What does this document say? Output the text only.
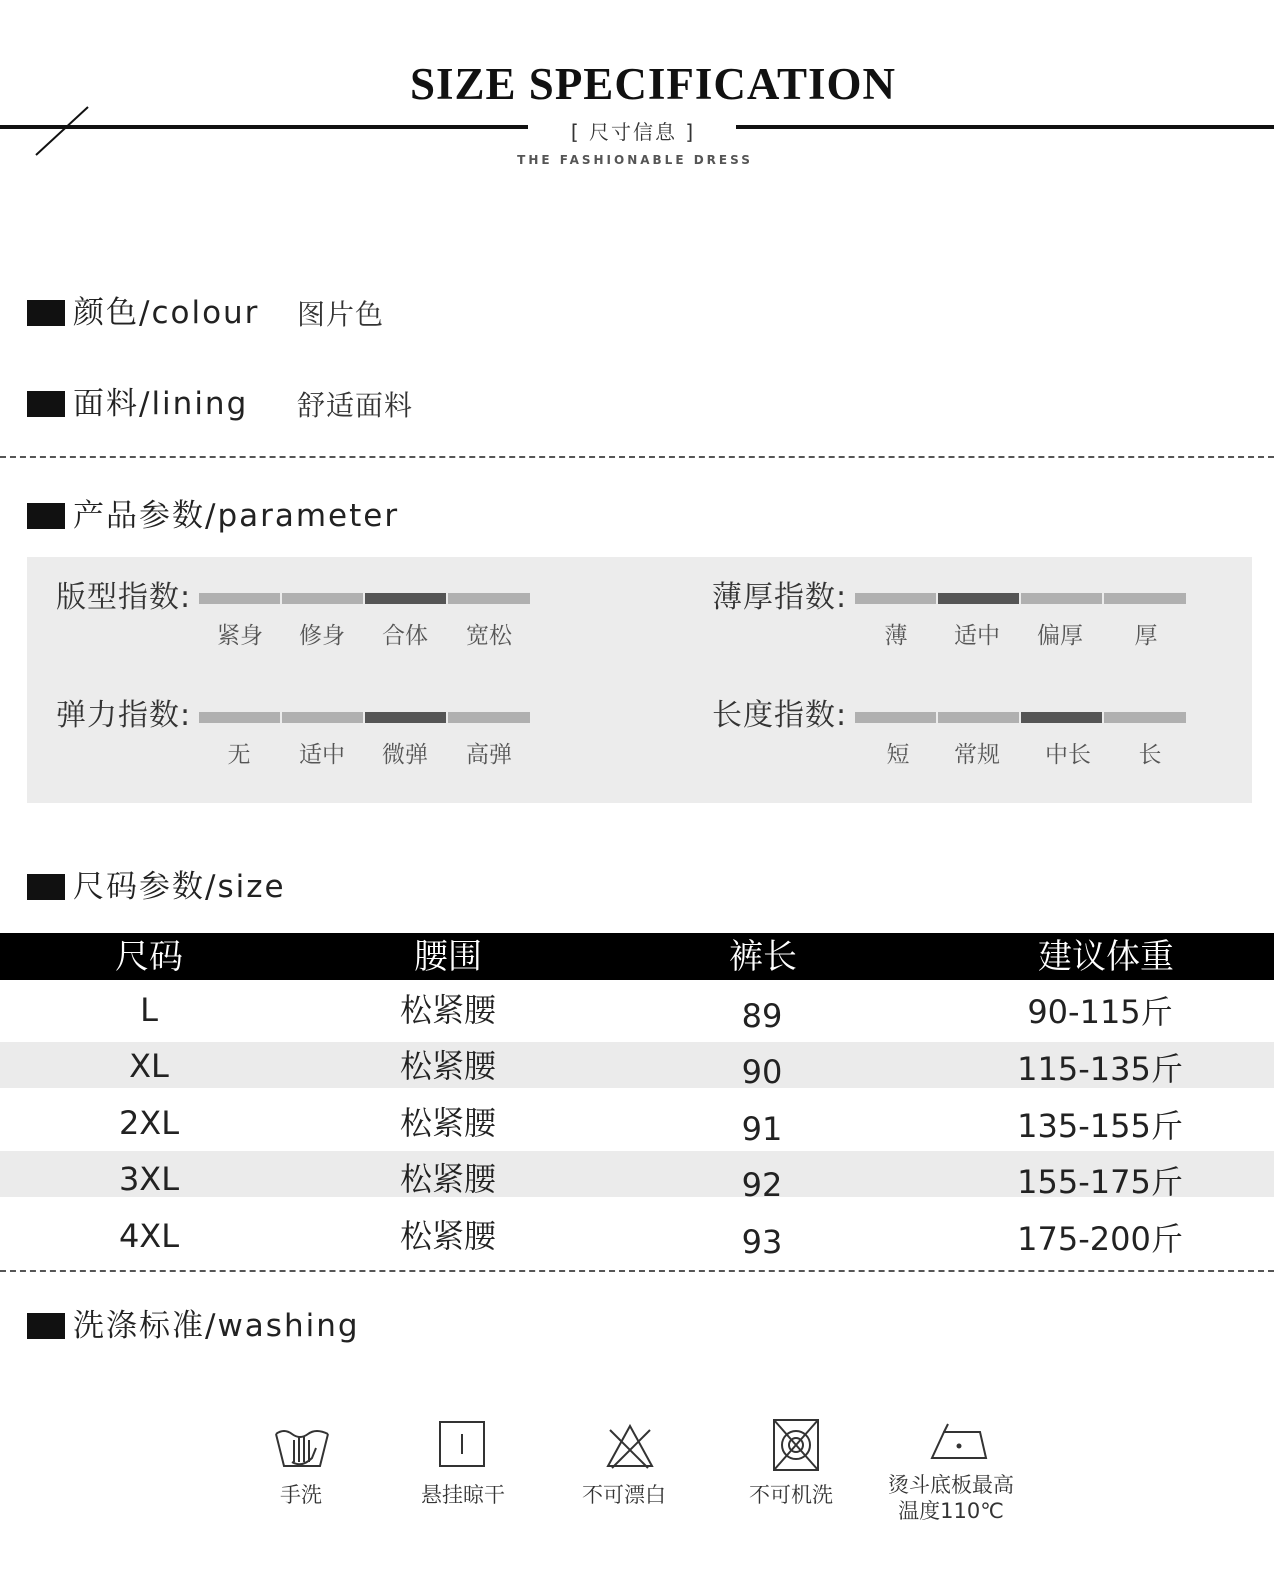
SIZE SPECIFICATION
[ 尺寸信息 ]
THE FASHIONABLE DRESS
颜色/colour 图片色
面料/lining 舒适面料
产品参数/parameter
版型指数:
紧身	修身	合体	宽松
薄厚指数:
薄	适中	偏厚	厚
弹力指数:
无	适中	微弹	高弹
长度指数:
短	常规	中长	长
尺码参数/size
尺码	腰围	裤长	建议体重
L	松紧腰	89	90-115斤
XL	松紧腰	90	115-135斤
2XL	松紧腰	91	135-155斤
3XL	松紧腰	92	155-175斤
4XL	松紧腰	93	175-200斤
洗涤标准/washing
手洗	悬挂晾干	不可漂白	不可机洗	烫斗底板最高
温度110℃
